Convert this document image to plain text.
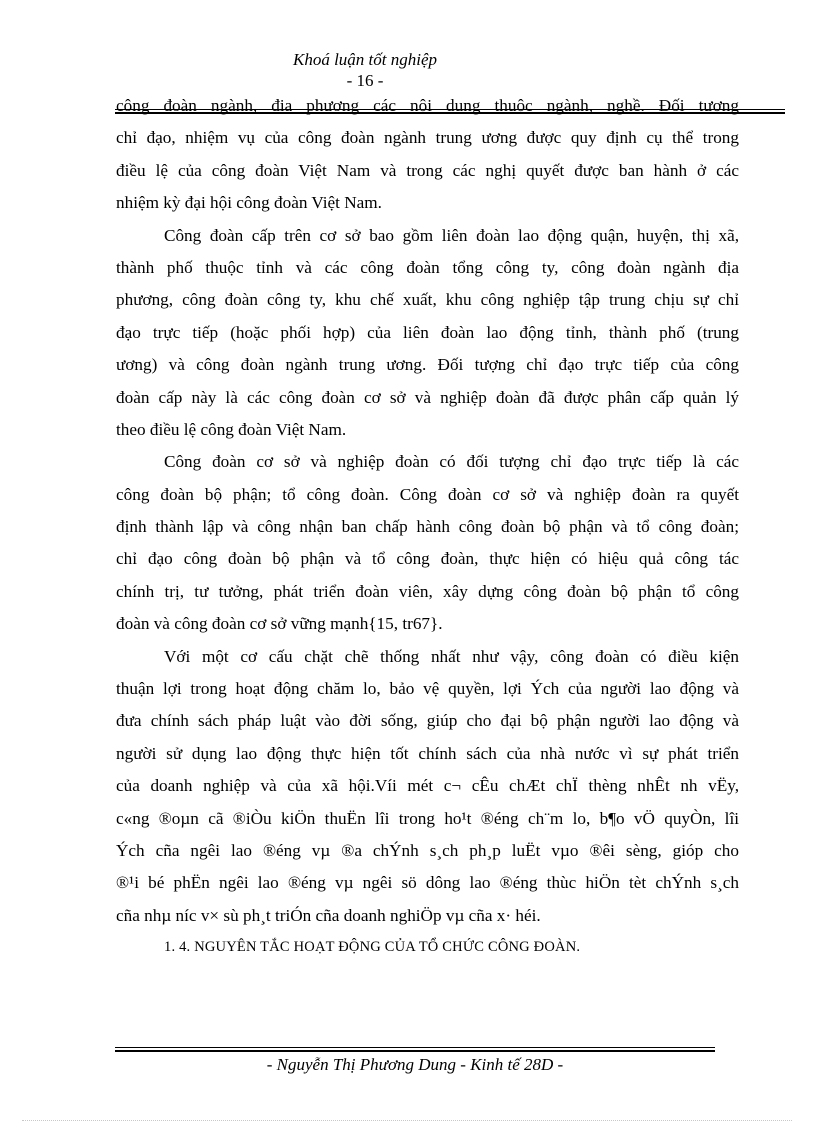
Khoá luận tốt nghiệp
- 16 -
công đoàn ngành, địa phương các nội dung thuộc ngành, nghề. Đối tượng
chỉ đạo, nhiệm vụ của công đoàn ngành trung ương được quy định cụ thể trong
điều lệ của công đoàn Việt Nam và trong các nghị quyết được ban hành ở các
nhiệm kỳ đại hội công đoàn Việt Nam.
Công đoàn cấp trên cơ sở bao gồm liên đoàn lao động quận, huyện, thị xã,
thành phố thuộc tỉnh và các công đoàn tổng công ty, công đoàn ngành địa
phương, công đoàn công ty, khu chế xuất, khu công nghiệp tập trung chịu sự chỉ
đạo trực tiếp (hoặc phối hợp) của liên đoàn lao động tỉnh, thành phố (trung
ương) và công đoàn ngành trung ương. Đối tượng chỉ đạo trực tiếp của công
đoàn cấp này là các công đoàn cơ sở và nghiệp đoàn đã được phân cấp quản lý
theo điều lệ công đoàn Việt Nam.
Công đoàn cơ sở và nghiệp đoàn có đối tượng chỉ đạo trực tiếp là các
công đoàn bộ phận; tổ công đoàn. Công đoàn cơ sở và nghiệp đoàn ra quyết
định thành lập và công nhận ban chấp hành công đoàn bộ phận và tổ công đoàn;
chỉ đạo công đoàn bộ phận và tổ công đoàn, thực hiện có hiệu quả công tác
chính trị, tư tưởng, phát triển đoàn viên, xây dựng công đoàn bộ phận tổ công
đoàn và công đoàn cơ sở vững mạnh{15, tr67}.
Với một cơ cấu chặt chẽ thống nhất như vậy, công đoàn có điều kiện
thuận lợi trong hoạt động chăm lo, bảo vệ quyền, lợi Ých của người lao động và
đưa chính sách pháp luật vào đời sống, giúp cho đại bộ phận người lao động và
người sử dụng lao động thực hiện tốt chính sách của nhà nước vì sự phát triển
của doanh nghiệp và của xã hội.Víi mét c¬ cÊu chÆt chÏ thèng nhÊt nh vËy,
c«ng ®oµn cã ®iÒu kiÖn thuËn lîi trong ho¹t ®éng ch¨m lo, b¶o vÖ quyÒn, lîi
Ých cña ngêi lao ®éng vµ ®a chÝnh s¸ch ph¸p luËt vµo ®êi sèng, gióp cho
®¹i bé phËn ngêi lao ®éng vµ ngêi sö dông lao ®éng thùc hiÖn tèt chÝnh s¸ch
cña nhµ níc v× sù ph¸t triÓn cña doanh nghiÖp vµ cña x· héi.
1. 4. NGUYÊN TẮC HOẠT ĐỘNG CỦA TỔ CHỨC CÔNG ĐOÀN.
- Nguyễn Thị Phương Dung - Kinh tế 28D -
